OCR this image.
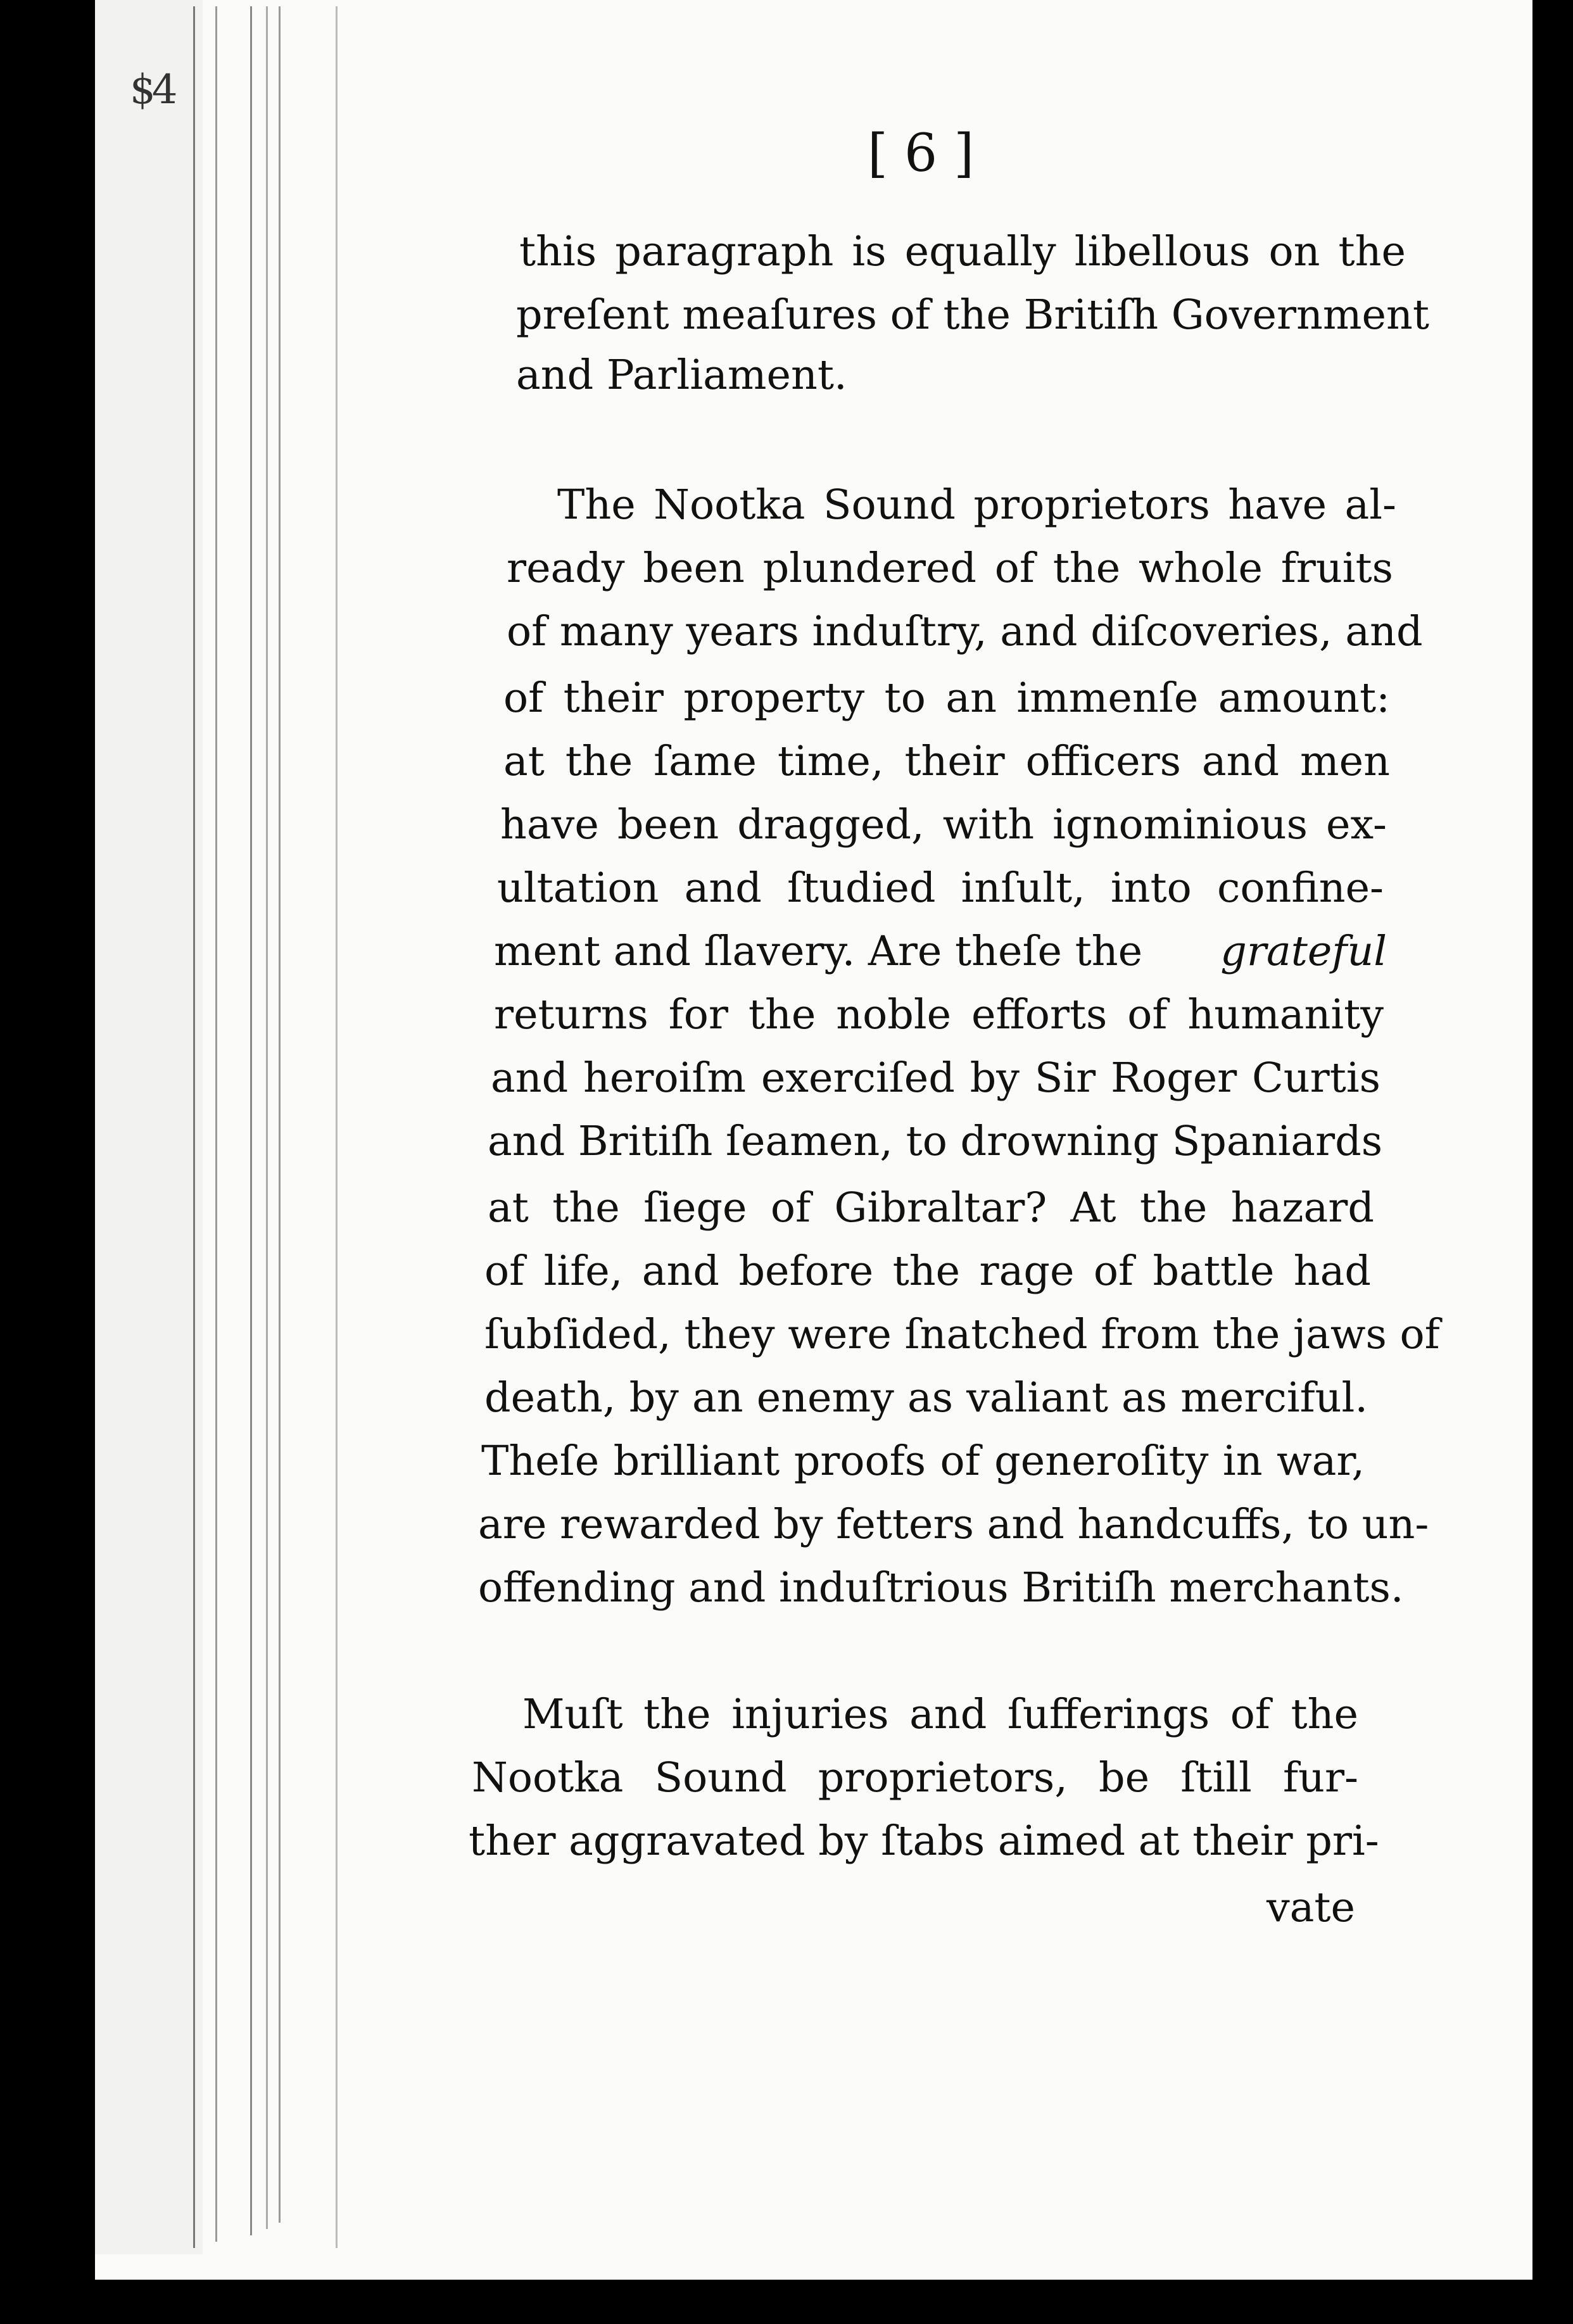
$4
[ 6 ]
this paragraph is equally libellous on the
preſent meaſures of the Britiſh Government
and Parliament.
The Nootka Sound proprietors have al-
ready been plundered of the whole fruits
of many years induſtry, and diſcoveries, and
of their property to an immenſe amount:
at the ſame time, their officers and men
have been dragged, with ignominious ex-
ultation and ſtudied inſult, into confine-
ment and ſlavery. Are theſe the grateful
returns for the noble efforts of humanity
and heroiſm exerciſed by Sir Roger Curtis
and Britiſh ſeamen, to drowning Spaniards
at the ſiege of Gibraltar? At the hazard
of life, and before the rage of battle had
ſubſided, they were ſnatched from the jaws of
death, by an enemy as valiant as merciful.
Theſe brilliant proofs of generoſity in war,
are rewarded by fetters and handcuffs, to un-
offending and induſtrious Britiſh merchants.
Muſt the injuries and ſufferings of the
Nootka Sound proprietors, be ſtill fur-
ther aggravated by ſtabs aimed at their pri-
vate
